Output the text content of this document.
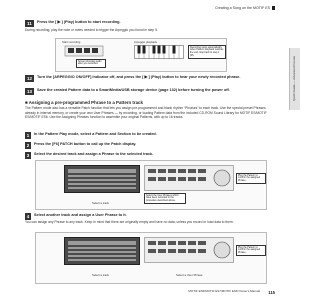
Creating a Song on the MOTIF ES
Quick Guide — Advanced Course
11	Press the [ ▶ ] (Play) button to start recording.
During recording, play the note or notes needed to trigger the Arpeggio you found in step 9.
Start recording	Arpeggio playback
Screen showing audio after you recorded.
Recording stops automatically when Pattern playback reaches the end, loop back to step 1 (M).
12	Turn the [ARPEGGIO ON/OFF] indicator off, and press the [ ▶ ] (Play) button to hear your newly recorded phrase.
13	Save the created Pattern data to a SmartMedia/USB storage device (page 132) before turning the power off.
■ Assigning a pre-programmed Phrase to a Pattern track
The Pattern mode also has a versatile Patch function that lets you assign pre-programmed and blank rhythm “Phrases” to each track. Use the special preset Phrases already in internal memory, or create your own User Phrases — by recording, or loading Pattern data from the included CD-ROM Sound Library for MOTIF ES/MOTIF ES/MOTIF ES6. Use the Assigning Phrases function to assemble your original Patterns, with up to 16 tracks.
1	In the Pattern Play mode, select a Pattern and Section to be created.
2	Press the [F6] PATCH button to call up the Patch display.
3	Select the desired track and assign a Phrase to the selected track.
Select the User Phrases which have been recorded in the procedure described above.
Select a track
Play the Pattern to confirm the assigned Phrase.
4	Select another track and assign a User Phrase to it.
You can assign any Phrase to any track. Keep in mind that there are originally empty and have no data; unless you record or load data to them.
Select a track	Select a User Phrase
Play the Pattern to confirm the assigned Phrase.
MOTIF ES6/MOTIF ES7/MOTIF ES8 Owner's Manual 115
